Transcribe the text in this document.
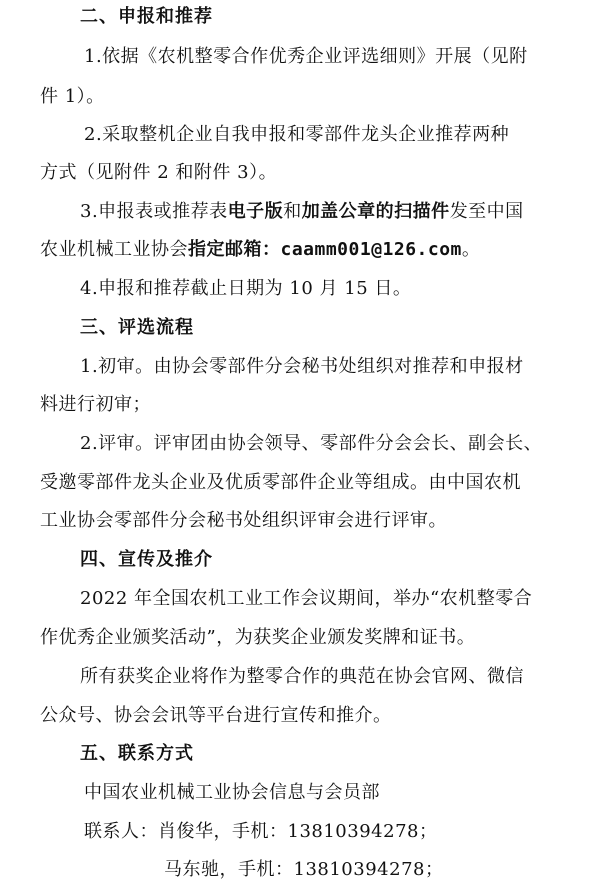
二、申报和推荐
1.依据《农机整零合作优秀企业评选细则》开展（见附
件 1）。
2.采取整机企业自我申报和零部件龙头企业推荐两种
方式（见附件 2 和附件 3）。
3.申报表或推荐表电子版和加盖公章的扫描件发至中国
农业机械工业协会指定邮箱：caamm001@126.com。
4.申报和推荐截止日期为 10 月 15 日。
三、评选流程
1.初审。由协会零部件分会秘书处组织对推荐和申报材
料进行初审；
2.评审。评审团由协会领导、零部件分会会长、副会长、
受邀零部件龙头企业及优质零部件企业等组成。由中国农机
工业协会零部件分会秘书处组织评审会进行评审。
四、宣传及推介
2022 年全国农机工业工作会议期间，举办“农机整零合
作优秀企业颁奖活动”，为获奖企业颁发奖牌和证书。
所有获奖企业将作为整零合作的典范在协会官网、微信
公众号、协会会讯等平台进行宣传和推介。
五、联系方式
中国农业机械工业协会信息与会员部
联系人：肖俊华，手机：13810394278；
马东驰，手机：13810394278；
